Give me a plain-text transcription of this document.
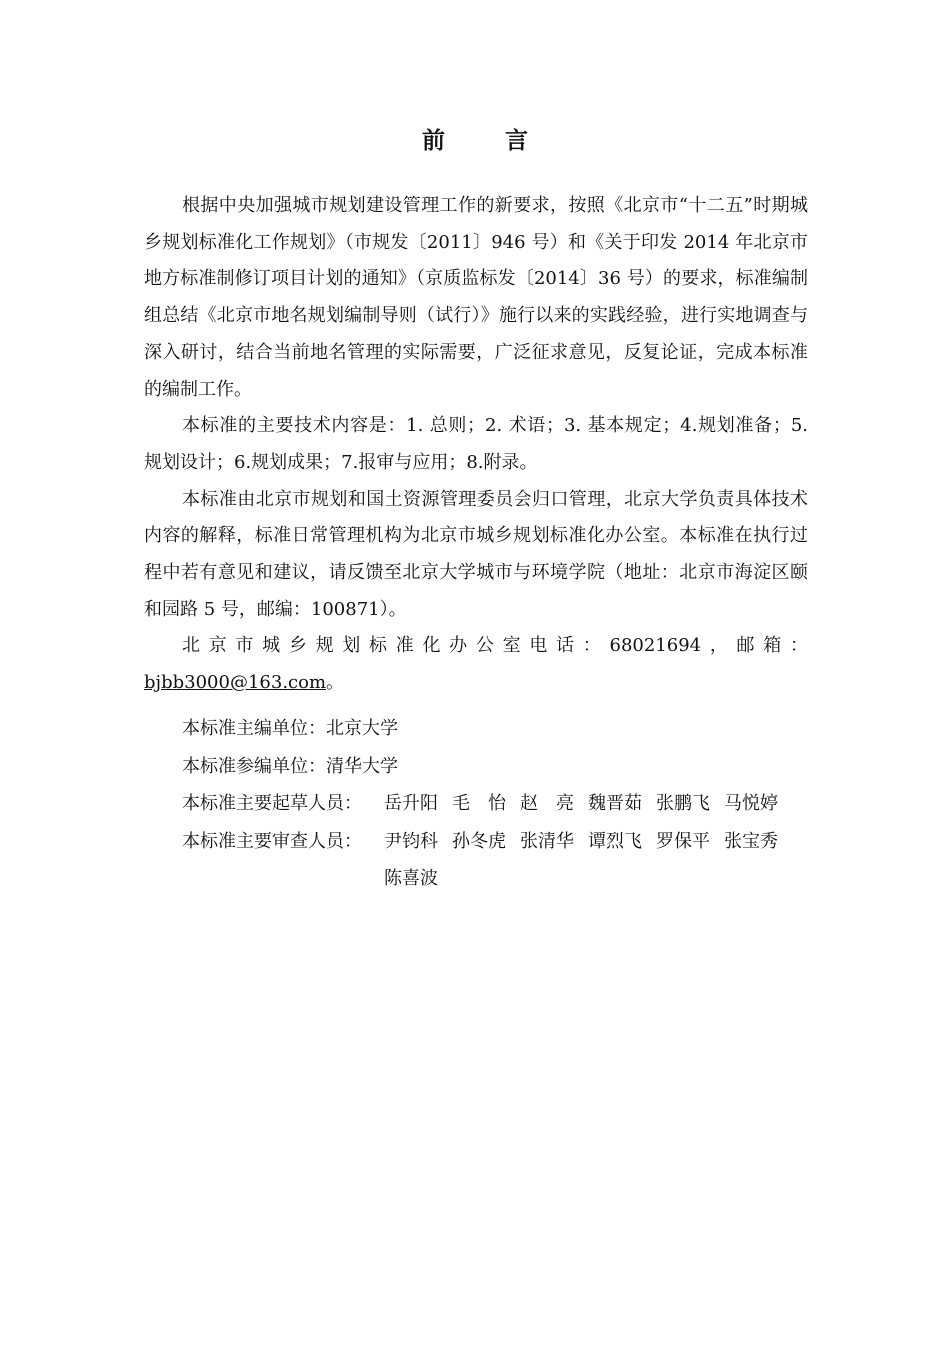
前 言

根据中央加强城市规划建设管理工作的新要求，按照《北京市“十二五”时期城乡规划标准化工作规划》（市规发〔2011〕946 号）和《关于印发 2014 年北京市地方标准制修订项目计划的通知》（京质监标发〔2014〕36 号）的要求，标准编制组总结《北京市地名规划编制导则（试行）》施行以来的实践经验，进行实地调查与深入研讨，结合当前地名管理的实际需要，广泛征求意见，反复论证，完成本标准的编制工作。

本标准的主要技术内容是：1. 总则；2. 术语；3. 基本规定；4.规划准备；5. 规划设计；6.规划成果；7.报审与应用；8.附录。

本标准由北京市规划和国土资源管理委员会归口管理，北京大学负责具体技术内容的解释，标准日常管理机构为北京市城乡规划标准化办公室。本标准在执行过程中若有意见和建议，请反馈至北京大学城市与环境学院（地址：北京市海淀区颐和园路 5 号，邮编：100871）。

北京市城乡规划标准化办公室电话：68021694，邮箱：bjbb3000@163.com。

本标准主编单位： 北京大学
本标准参编单位： 清华大学
本标准主要起草人员：	岳升阳 毛　怡 赵　亮 魏晋茹 张鹏飞 马悦婷
本标准主要审查人员：	尹钧科 孙冬虎 张清华 谭烈飞 罗保平 张宝秀
陈喜波
